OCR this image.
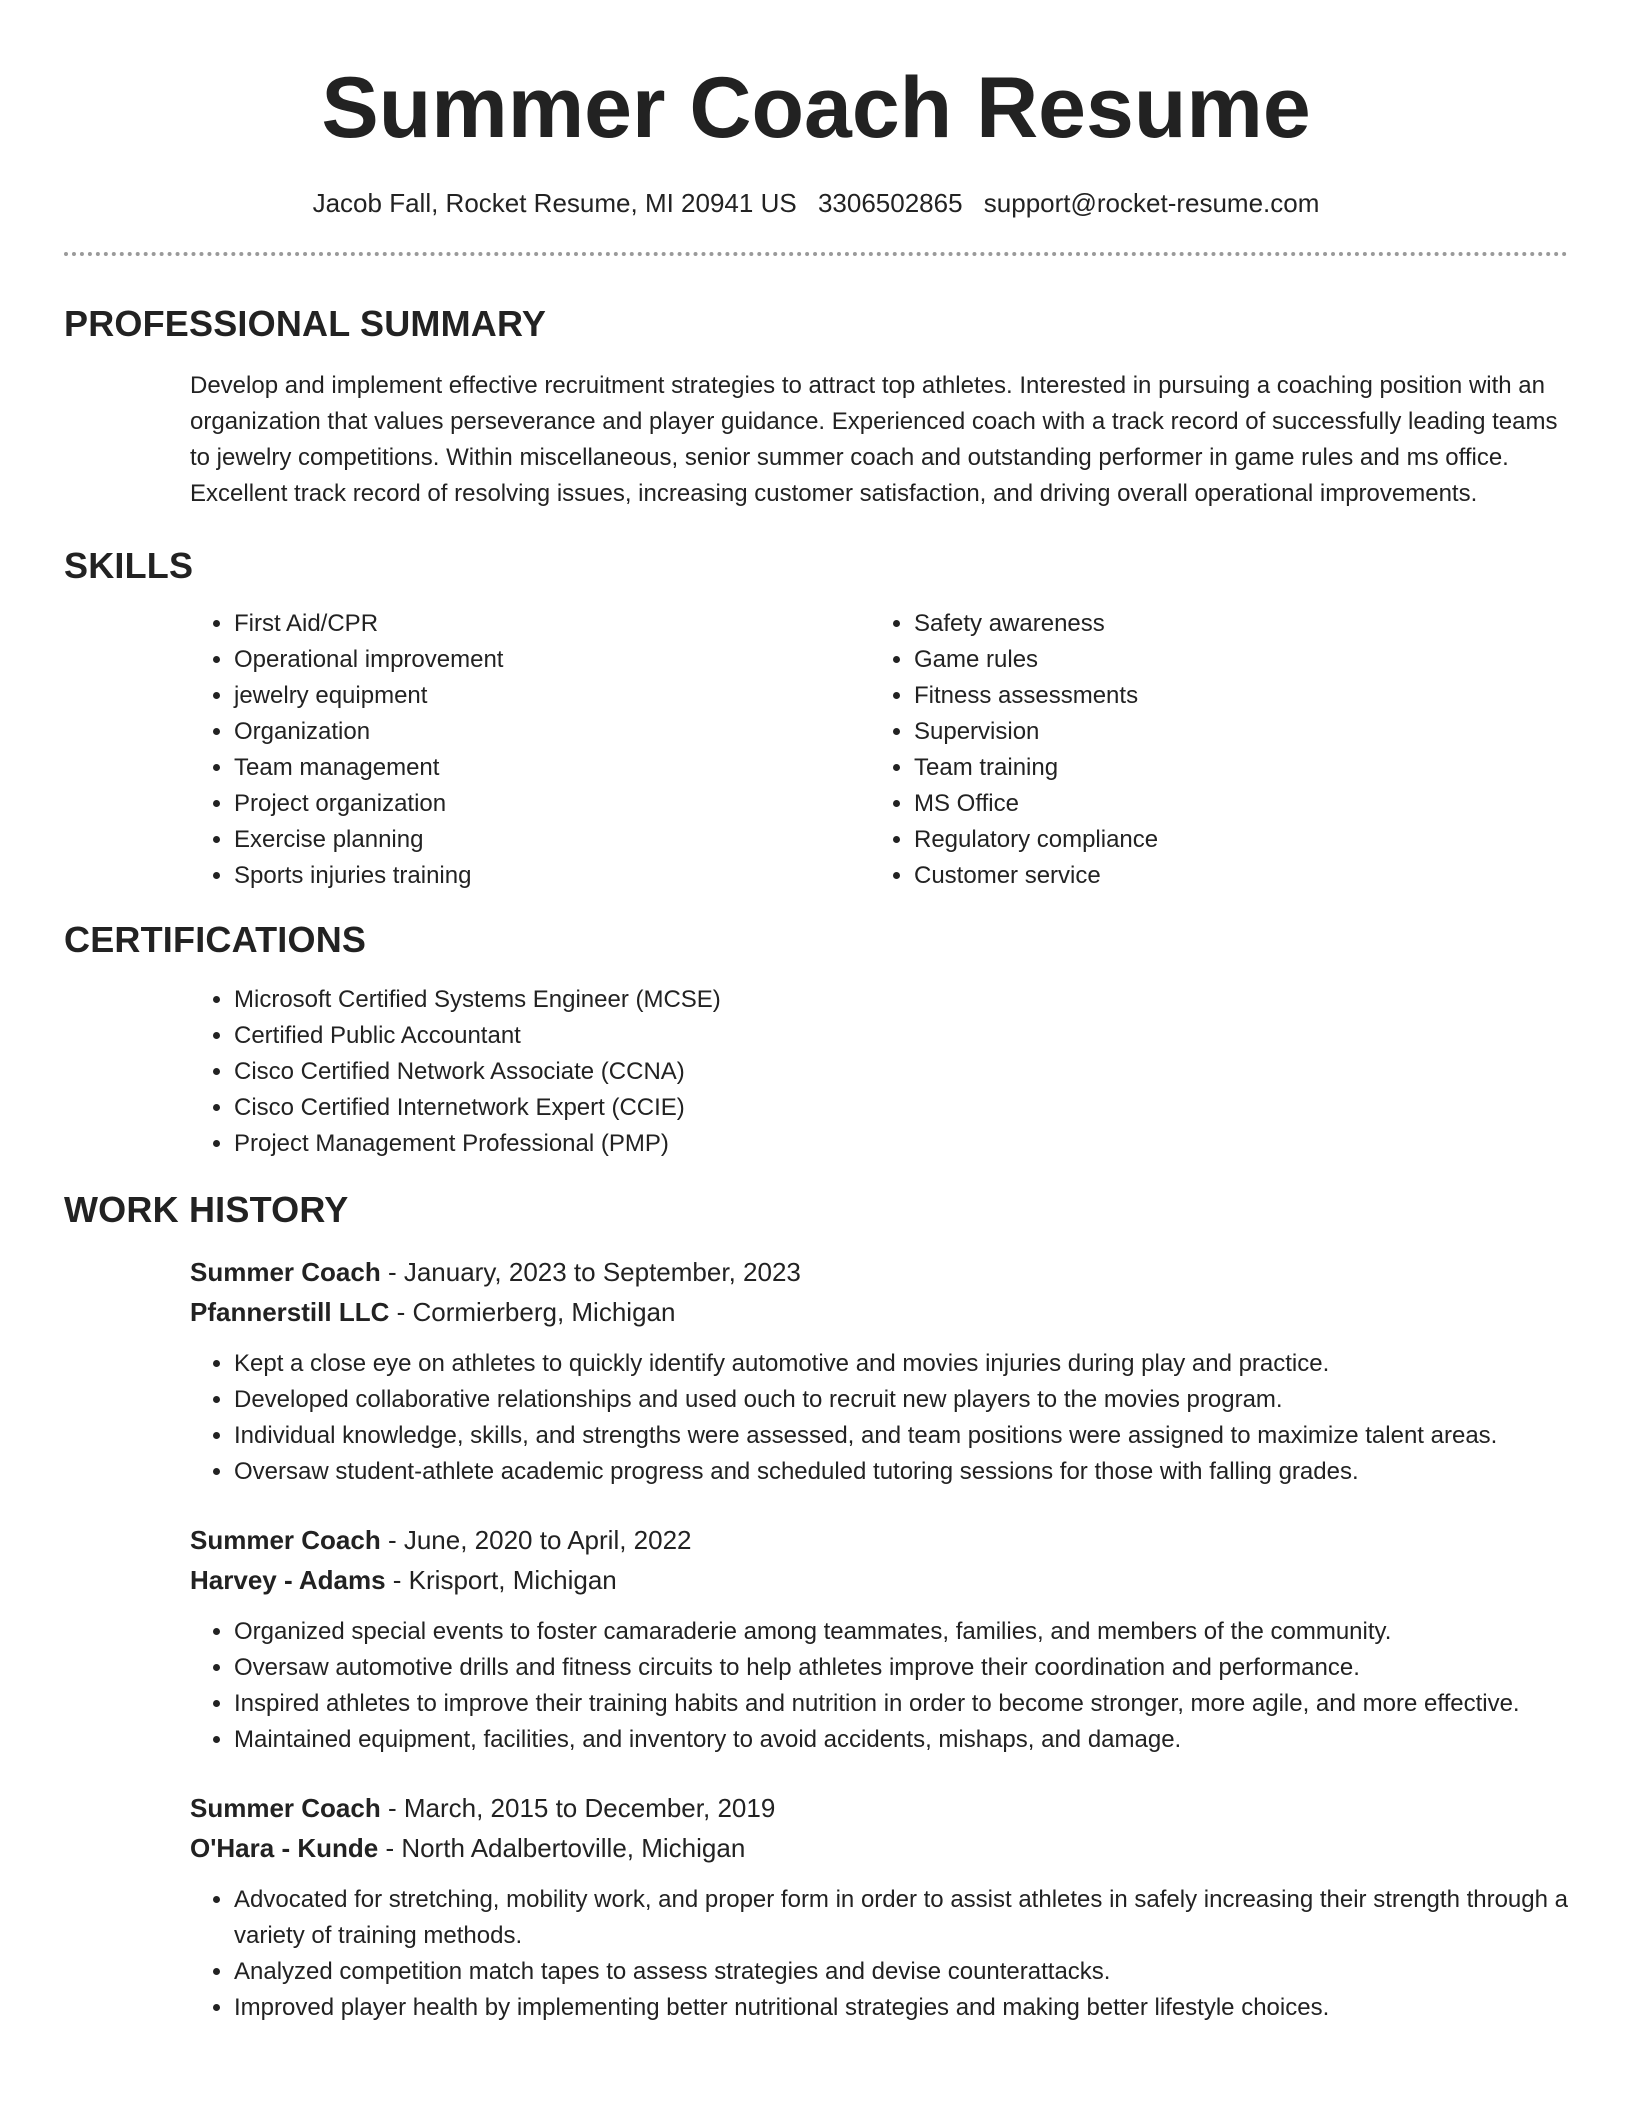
Summer Coach Resume
Jacob Fall, Rocket Resume, MI 20941 US 3306502865 support@rocket-resume.com
PROFESSIONAL SUMMARY

Develop and implement effective recruitment strategies to attract top athletes. Interested in pursuing a coaching position with an organization that values perseverance and player guidance. Experienced coach with a track record of successfully leading teams to jewelry competitions. Within miscellaneous, senior summer coach and outstanding performer in game rules and ms office. Excellent track record of resolving issues, increasing customer satisfaction, and driving overall operational improvements.

SKILLS
• First Aid/CPR
• Operational improvement
• jewelry equipment
• Organization
• Team management
• Project organization
• Exercise planning
• Sports injuries training
• Safety awareness
• Game rules
• Fitness assessments
• Supervision
• Team training
• MS Office
• Regulatory compliance
• Customer service
CERTIFICATIONS
• Microsoft Certified Systems Engineer (MCSE)
• Certified Public Accountant
• Cisco Certified Network Associate (CCNA)
• Cisco Certified Internetwork Expert (CCIE)
• Project Management Professional (PMP)
WORK HISTORY
Summer Coach - January, 2023 to September, 2023
Pfannerstill LLC - Cormierberg, Michigan
• Kept a close eye on athletes to quickly identify automotive and movies injuries during play and practice.
• Developed collaborative relationships and used ouch to recruit new players to the movies program.
• Individual knowledge, skills, and strengths were assessed, and team positions were assigned to maximize talent areas.
• Oversaw student-athlete academic progress and scheduled tutoring sessions for those with falling grades.
Summer Coach - June, 2020 to April, 2022
Harvey - Adams - Krisport, Michigan
• Organized special events to foster camaraderie among teammates, families, and members of the community.
• Oversaw automotive drills and fitness circuits to help athletes improve their coordination and performance.
• Inspired athletes to improve their training habits and nutrition in order to become stronger, more agile, and more effective.
• Maintained equipment, facilities, and inventory to avoid accidents, mishaps, and damage.
Summer Coach - March, 2015 to December, 2019
O'Hara - Kunde - North Adalbertoville, Michigan
• Advocated for stretching, mobility work, and proper form in order to assist athletes in safely increasing their strength through a variety of training methods.
• Analyzed competition match tapes to assess strategies and devise counterattacks.
• Improved player health by implementing better nutritional strategies and making better lifestyle choices.
